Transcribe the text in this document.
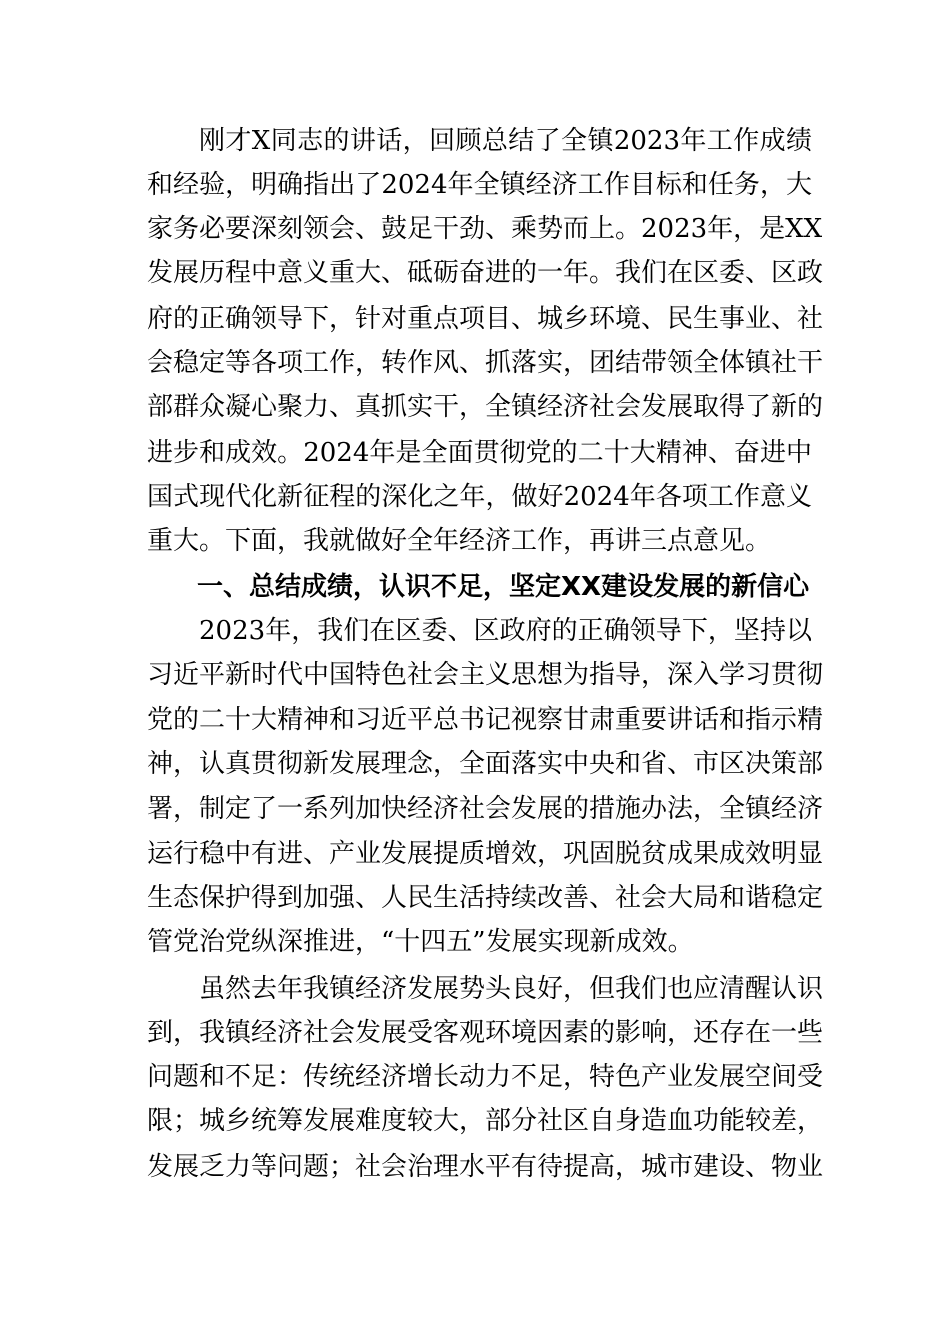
刚才X同志的讲话，回顾总结了全镇2023年工作成绩
和经验，明确指出了2024年全镇经济工作目标和任务，大
家务必要深刻领会、鼓足干劲、乘势而上。2023年，是XX
发展历程中意义重大、砥砺奋进的一年。我们在区委、区政
府的正确领导下，针对重点项目、城乡环境、民生事业、社
会稳定等各项工作，转作风、抓落实，团结带领全体镇社干
部群众凝心聚力、真抓实干，全镇经济社会发展取得了新的
进步和成效。2024年是全面贯彻党的二十大精神、奋进中
国式现代化新征程的深化之年，做好2024年各项工作意义
重大。下面，我就做好全年经济工作，再讲三点意见。
一、总结成绩，认识不足，坚定XX建设发展的新信心
2023年，我们在区委、区政府的正确领导下，坚持以
习近平新时代中国特色社会主义思想为指导，深入学习贯彻
党的二十大精神和习近平总书记视察甘肃重要讲话和指示精
神，认真贯彻新发展理念，全面落实中央和省、市区决策部
署，制定了一系列加快经济社会发展的措施办法，全镇经济
运行稳中有进、产业发展提质增效，巩固脱贫成果成效明显
生态保护得到加强、人民生活持续改善、社会大局和谐稳定
管党治党纵深推进，“十四五”发展实现新成效。
虽然去年我镇经济发展势头良好，但我们也应清醒认识
到，我镇经济社会发展受客观环境因素的影响，还存在一些
问题和不足：传统经济增长动力不足，特色产业发展空间受
限；城乡统筹发展难度较大，部分社区自身造血功能较差，
发展乏力等问题；社会治理水平有待提高，城市建设、物业
